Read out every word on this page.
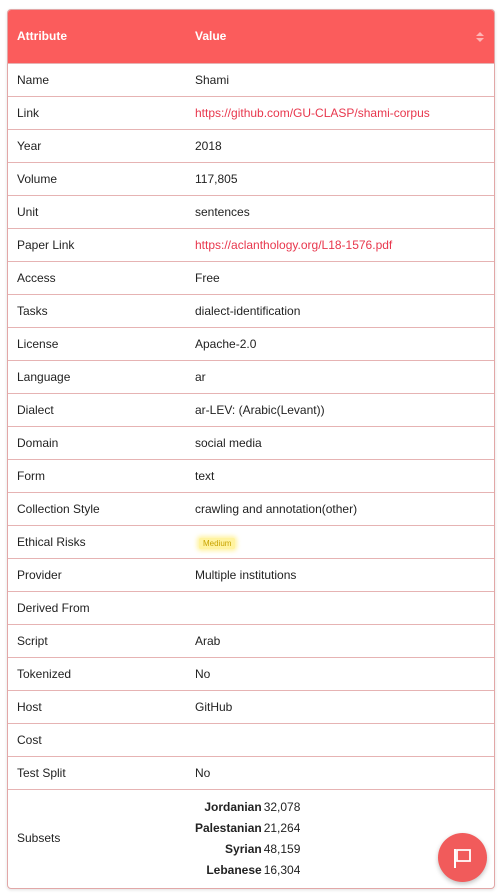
Attribute	Value

Name	Shami
Link	https://github.com/GU-CLASP/shami-corpus
Year	2018
Volume	117,805
Unit	sentences
Paper Link	https://aclanthology.org/L18-1576.pdf
Access	Free
Tasks	dialect-identification
License	Apache-2.0
Language	ar
Dialect	ar-LEV: (Arabic(Levant))
Domain	social media
Form	text
Collection Style	crawling and annotation(other)
Ethical Risks	Medium
Provider	Multiple institutions
Derived From	
Script	Arab
Tokenized	No
Host	GitHub
Cost	
Test Split	No
Subsets	
Jordanian	32,078
Palestanian	21,264
Syrian	48,159
Lebanese	16,304
